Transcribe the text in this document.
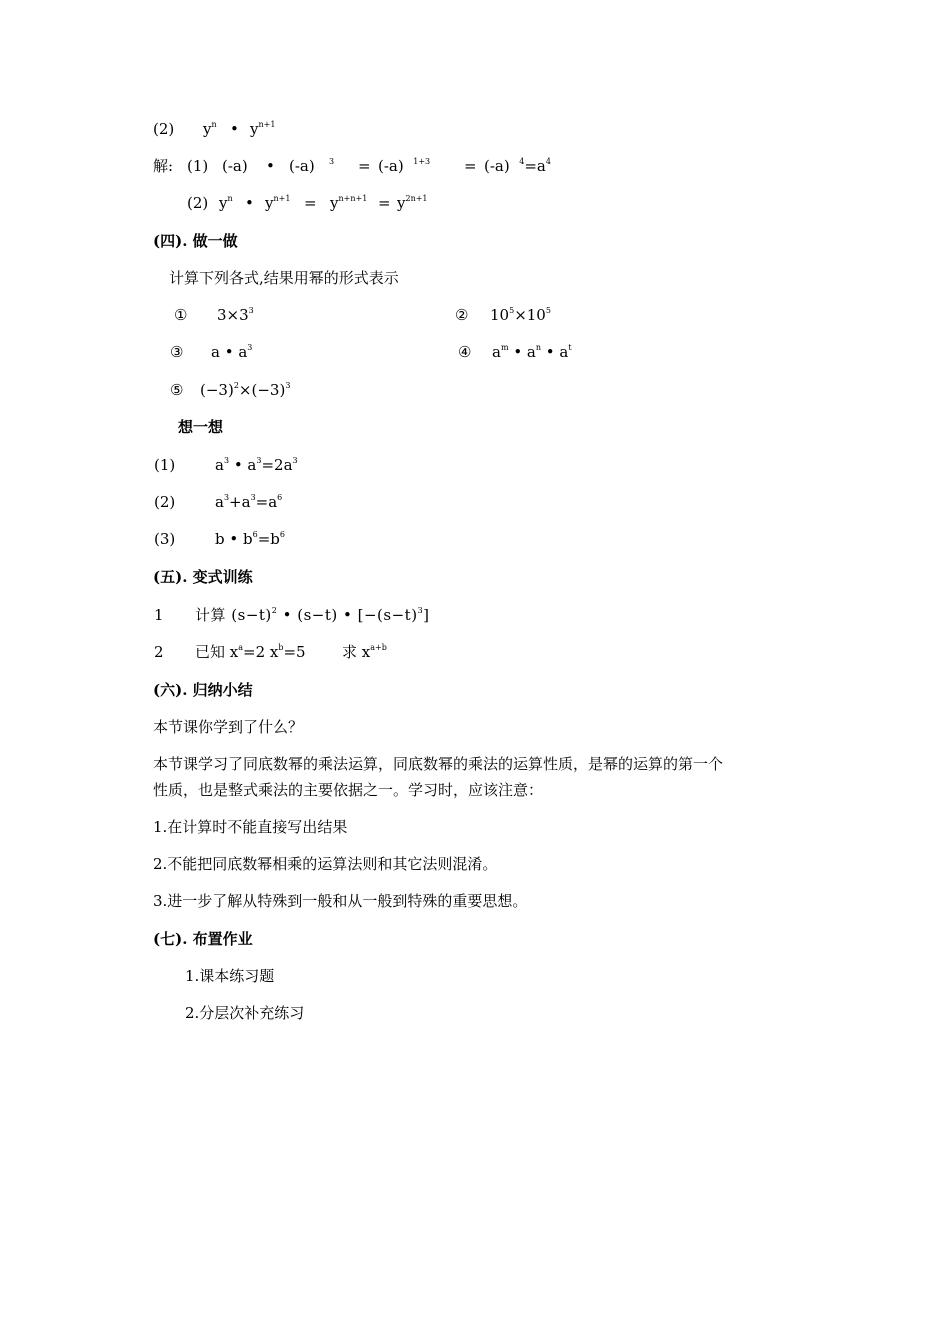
(2) $y^n$ • $y^{n+1}$
解: (1) (-a) • (-a) $^3$ = (-a) $^{1+3}$ = (-a) $^4=a^4$
(2) $y^n$ • $y^{n+1} = y^{n+n+1} = y^{2n+1}$
(四). 做一做
计算下列各式,结果用幂的形式表示
① $3\times 3^3$	② $10^5\times 10^5$
③ a • $a^3$	④ $a^m$ • $a^n$ • $a^t$
⑤ $(-3)^2\times(-3)^3$
想一想
(1)	$a^3$ • $a^3=2a^3$
(2)	$a^3+a^3=a^6$
(3)	b • $b^6=b^6$
(五). 变式训练
1 计算 $(s-t)^2$ • (s−t) • $[-(s-t)^3]$
2 已知 $x^a=2$ $x^b=5$ 求 $x^{a+b}$
(六). 归纳小结
本节课你学到了什么？
本节课学习了同底数幂的乘法运算，同底数幂的乘法的运算性质，是幂的运算的第一个
性质，也是整式乘法的主要依据之一。学习时，应该注意：
1.在计算时不能直接写出结果
2.不能把同底数幂相乘的运算法则和其它法则混淆。
3.进一步了解从特殊到一般和从一般到特殊的重要思想。
(七). 布置作业
1.课本练习题
2.分层次补充练习
